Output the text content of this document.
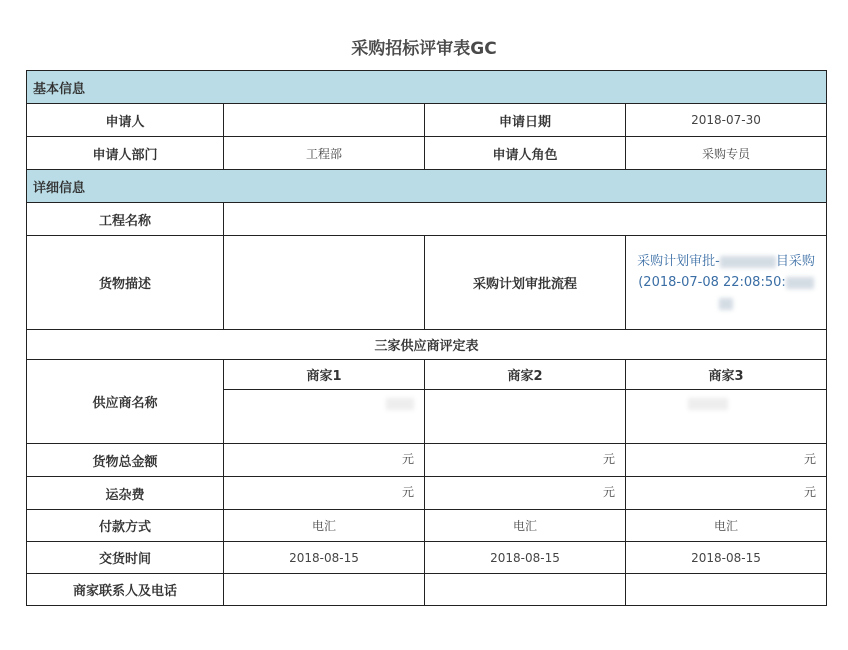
采购招标评审表GC
基本信息			
申请人		申请日期	2018-07-30
申请人部门	工程部	申请人角色	采购专员
详细信息			
工程名称			
货物描述		采购计划审批流程	采购计划审批- 目采购
(2018-07-08 22:08:50:

三家供应商评定表			
供应商名称	商家1	商家2	商家3

货物总金额	元	元	元
运杂费	元	元	元
付款方式	电汇	电汇	电汇
交货时间	2018-08-15	2018-08-15	2018-08-15
商家联系人及电话			
